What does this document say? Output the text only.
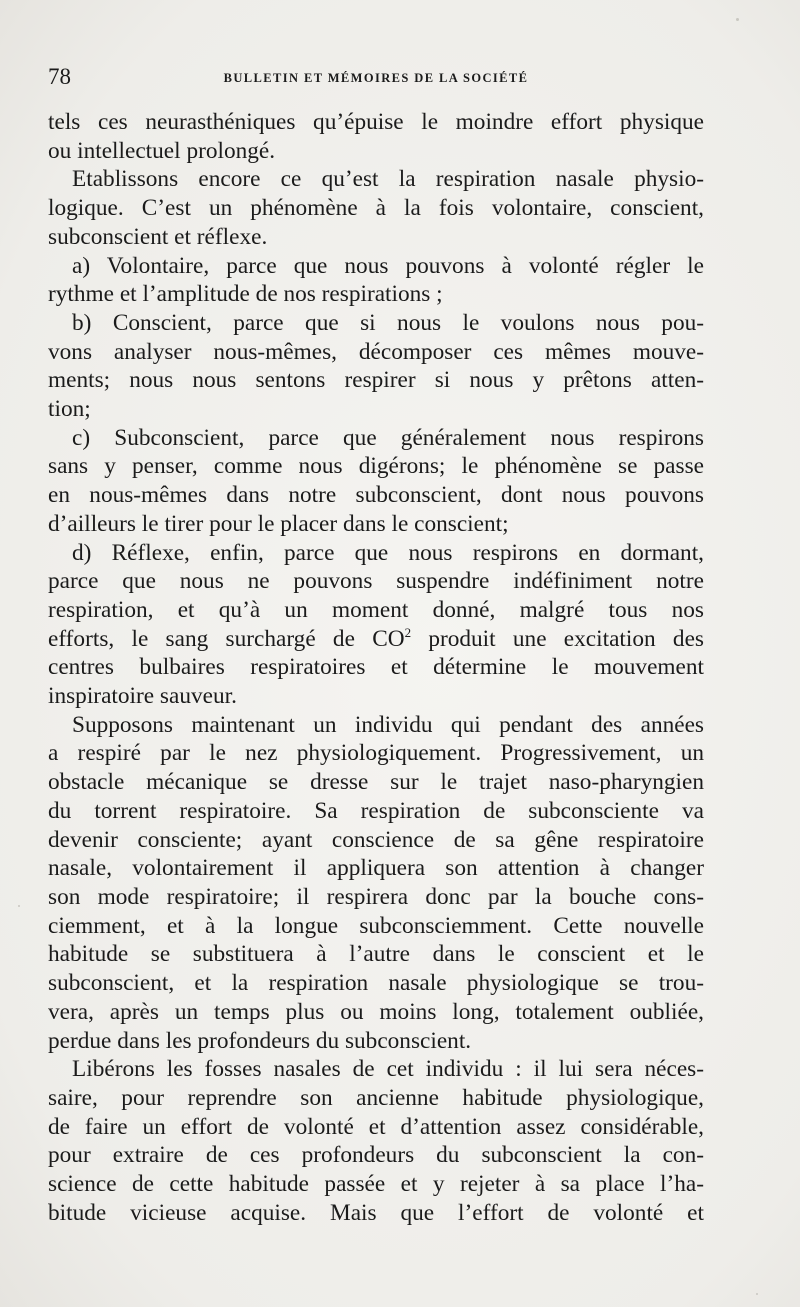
78	BULLETIN ET MÉMOIRES DE LA SOCIÉTÉ
tels ces neurasthéniques qu’épuise le moindre effort physique
ou intellectuel prolongé.
Etablissons encore ce qu’est la respiration nasale physio-
logique. C’est un phénomène à la fois volontaire, conscient,
subconscient et réflexe.
a) Volontaire, parce que nous pouvons à volonté régler le
rythme et l’amplitude de nos respirations ;
b) Conscient, parce que si nous le voulons nous pou-
vons analyser nous-mêmes, décomposer ces mêmes mouve-
ments; nous nous sentons respirer si nous y prêtons atten-
tion;
c) Subconscient, parce que généralement nous respirons
sans y penser, comme nous digérons; le phénomène se passe
en nous-mêmes dans notre subconscient, dont nous pouvons
d’ailleurs le tirer pour le placer dans le conscient;
d) Réflexe, enfin, parce que nous respirons en dormant,
parce que nous ne pouvons suspendre indéfiniment notre
respiration, et qu’à un moment donné, malgré tous nos
efforts, le sang surchargé de $CO^2$ produit une excitation des
centres bulbaires respiratoires et détermine le mouvement
inspiratoire sauveur.
Supposons maintenant un individu qui pendant des années
a respiré par le nez physiologiquement. Progressivement, un
obstacle mécanique se dresse sur le trajet naso-pharyngien
du torrent respiratoire. Sa respiration de subconsciente va
devenir consciente; ayant conscience de sa gêne respiratoire
nasale, volontairement il appliquera son attention à changer
son mode respiratoire; il respirera donc par la bouche cons-
ciemment, et à la longue subconsciemment. Cette nouvelle
habitude se substituera à l’autre dans le conscient et le
subconscient, et la respiration nasale physiologique se trou-
vera, après un temps plus ou moins long, totalement oubliée,
perdue dans les profondeurs du subconscient.
Libérons les fosses nasales de cet individu : il lui sera néces-
saire, pour reprendre son ancienne habitude physiologique,
de faire un effort de volonté et d’attention assez considérable,
pour extraire de ces profondeurs du subconscient la con-
science de cette habitude passée et y rejeter à sa place l’ha-
bitude vicieuse acquise. Mais que l’effort de volonté et
